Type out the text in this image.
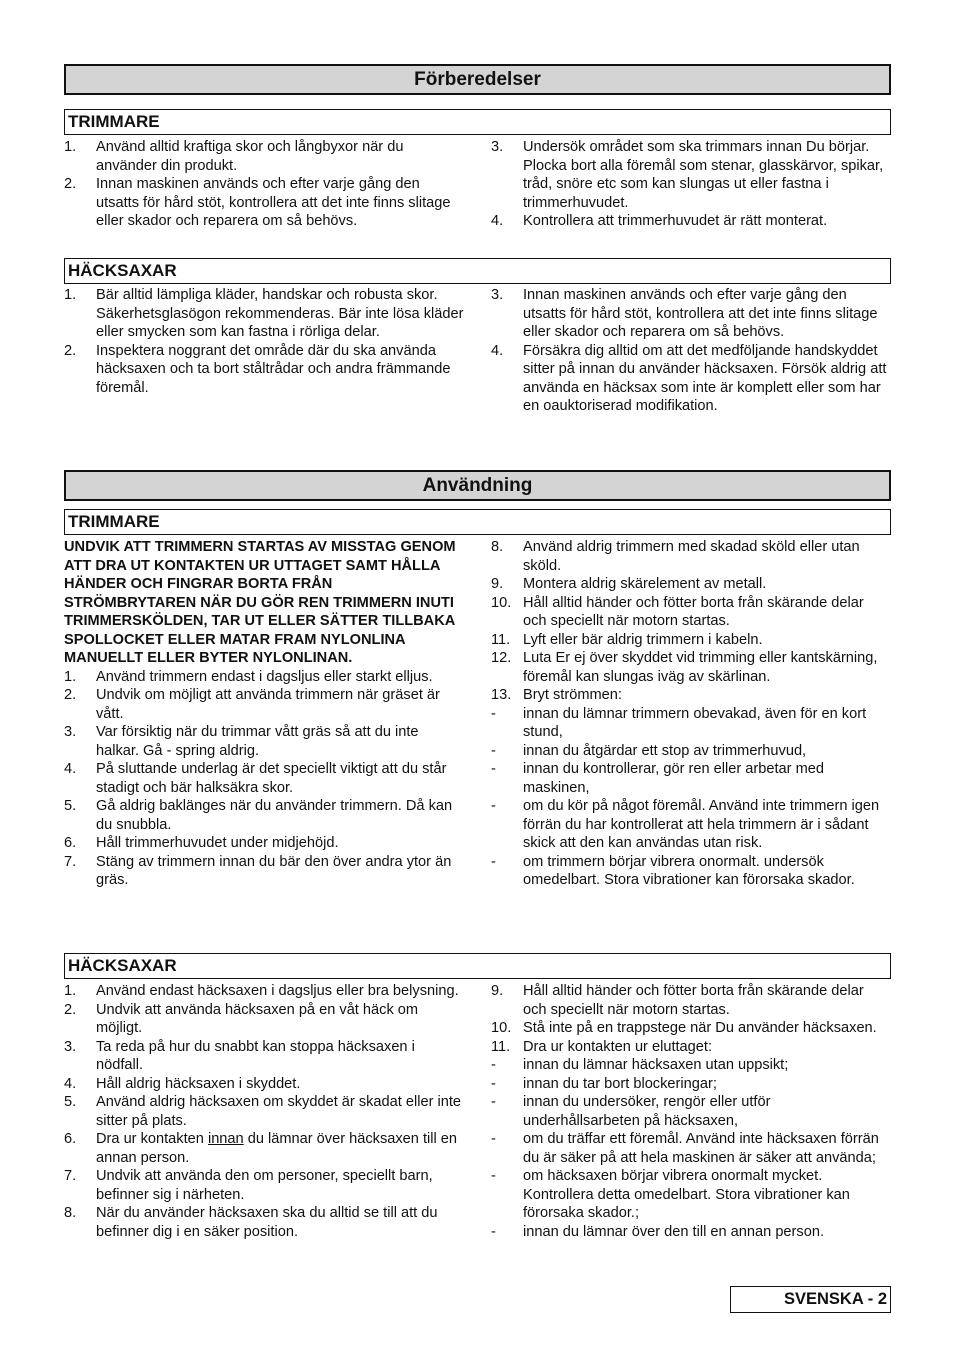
Förberedelser
TRIMMARE
1. Använd alltid kraftiga skor och långbyxor när du använder din produkt.
2. Innan maskinen används och efter varje gång den utsatts för hård stöt, kontrollera att det inte finns slitage eller skador och reparera om så behövs.
3. Undersök området som ska trimmars innan Du börjar. Plocka bort alla föremål som stenar, glasskärvor, spikar, tråd, snöre etc som kan slungas ut eller fastna i trimmerhuvudet.
4. Kontrollera att trimmerhuvudet är rätt monterat.
HÄCKSAXAR
1. Bär alltid lämpliga kläder, handskar och robusta skor. Säkerhetsglasögon rekommenderas. Bär inte lösa kläder eller smycken som kan fastna i rörliga delar.
2. Inspektera noggrant det område där du ska använda häcksaxen och ta bort ståltrådar och andra främmande föremål.
3. Innan maskinen används och efter varje gång den utsatts för hård stöt, kontrollera att det inte finns slitage eller skador och reparera om så behövs.
4. Försäkra dig alltid om att det medföljande handskyddet sitter på innan du använder häcksaxen. Försök aldrig att använda en häcksax som inte är komplett eller som har en oauktoriserad modifikation.
Användning
TRIMMARE
UNDVIK ATT TRIMMERN STARTAS AV MISSTAG GENOM ATT DRA UT KONTAKTEN UR UTTAGET SAMT HÅLLA HÄNDER OCH FINGRAR BORTA FRÅN STRÖMBRYTAREN NÄR DU GÖR REN TRIMMERN INUTI TRIMMERSKÖLDEN, TAR UT ELLER SÄTTER TILLBAKA SPOLLOCKET ELLER MATAR FRAM NYLONLINA MANUELLT ELLER BYTER NYLONLINAN.
1. Använd trimmern endast i dagsljus eller starkt elljus.
2. Undvik om möjligt att använda trimmern när gräset är vått.
3. Var försiktig när du trimmar vått gräs så att du inte halkar. Gå - spring aldrig.
4. På sluttande underlag är det speciellt viktigt att du står stadigt och bär halksäkra skor.
5. Gå aldrig baklänges när du använder trimmern. Då kan du snubbla.
6. Håll trimmerhuvudet under midjehöjd.
7. Stäng av trimmern innan du bär den över andra ytor än gräs.
8. Använd aldrig trimmern med skadad sköld eller utan sköld.
9. Montera aldrig skärelement av metall.
10. Håll alltid händer och fötter borta från skärande delar och speciellt när motorn startas.
11. Lyft eller bär aldrig trimmern i kabeln.
12. Luta Er ej över skyddet vid trimming eller kantskärning, föremål kan slungas iväg av skärlinan.
13. Bryt strömmen:
- innan du lämnar trimmern obevakad, även för en kort stund,
- innan du åtgärdar ett stop av trimmerhuvud,
- innan du kontrollerar, gör ren eller arbetar med maskinen,
- om du kör på något föremål. Använd inte trimmern igen förrän du har kontrollerat att hela trimmern är i sådant skick att den kan användas utan risk.
- om trimmern börjar vibrera onormalt. undersök omedelbart. Stora vibrationer kan förorsaka skador.
HÄCKSAXAR
1. Använd endast häcksaxen i dagsljus eller bra belysning.
2. Undvik att använda häcksaxen på en våt häck om möjligt.
3. Ta reda på hur du snabbt kan stoppa häcksaxen i nödfall.
4. Håll aldrig häcksaxen i skyddet.
5. Använd aldrig häcksaxen om skyddet är skadat eller inte sitter på plats.
6. Dra ur kontakten innan du lämnar över häcksaxen till en annan person.
7. Undvik att använda den om personer, speciellt barn, befinner sig i närheten.
8. När du använder häcksaxen ska du alltid se till att du befinner dig i en säker position.
9. Håll alltid händer och fötter borta från skärande delar och speciellt när motorn startas.
10. Stå inte på en trappstege när Du använder häcksaxen.
11. Dra ur kontakten ur eluttaget:
- innan du lämnar häcksaxen utan uppsikt;
- innan du tar bort blockeringar;
- innan du undersöker, rengör eller utför underhållsarbeten på häcksaxen,
- om du träffar ett föremål. Använd inte häcksaxen förrän du är säker på att hela maskinen är säker att använda;
- om häcksaxen börjar vibrera onormalt mycket. Kontrollera detta omedelbart. Stora vibrationer kan förorsaka skador.;
- innan du lämnar över den till en annan person.
SVENSKA - 2
